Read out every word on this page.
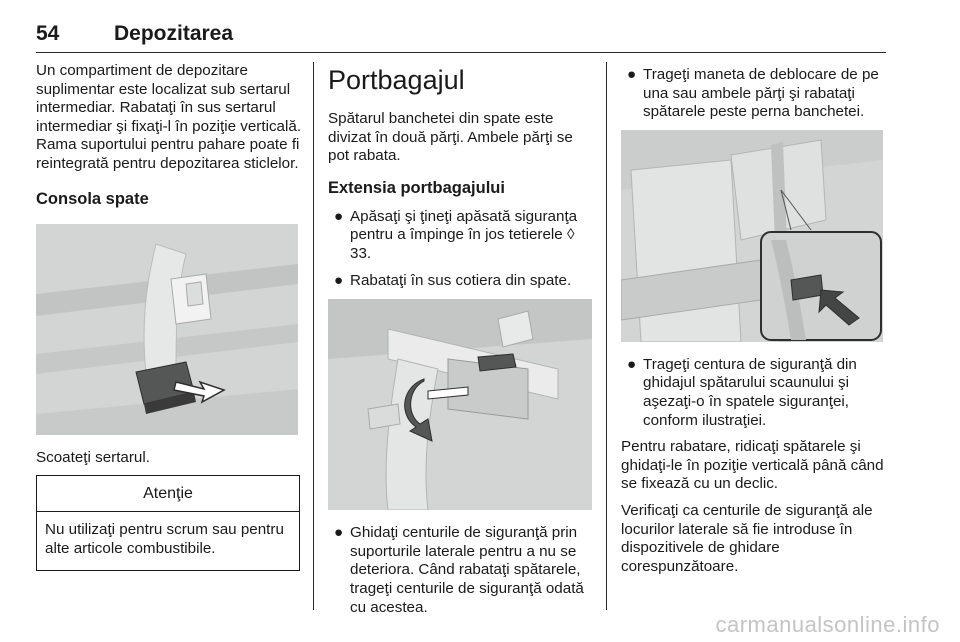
54	Depozitarea

Un compartiment de depozitare suplimentar este localizat sub sertarul intermediar. Rabataţi în sus sertarul intermediar şi fixaţi-l în poziţie verticală. Rama suportului pentru pahare poate fi reintegrată pentru depozitarea sticlelor.

Consola spate

Scoateţi sertarul.

Atenţie
Nu utilizaţi pentru scrum sau pentru alte articole combustibile.
Portbagajul

Spătarul banchetei din spate este divizat în două părţi. Ambele părţi se pot rabata.

Extensia portbagajului

● Apăsaţi şi ţineţi apăsată siguranţa pentru a împinge în jos tetierele ◊ 33.
● Rabataţi în sus cotiera din spate.
● Ghidaţi centurile de siguranţă prin suporturile laterale pentru a nu se deteriora. Când rabataţi spătarele, trageţi centurile de siguranţă odată cu acestea.
● Trageţi maneta de deblocare de pe una sau ambele părţi şi rabataţi spătarele peste perna banchetei.
● Trageţi centura de siguranţă din ghidajul spătarului scaunului şi aşezaţi-o în spatele siguranţei, conform ilustraţiei.

Pentru rabatare, ridicaţi spătarele şi ghidaţi-le în poziţie verticală până când se fixează cu un declic.

Verificaţi ca centurile de siguranţă ale locurilor laterale să fie introduse în dispozitivele de ghidare corespunzătoare.

carmanualsonline.info
